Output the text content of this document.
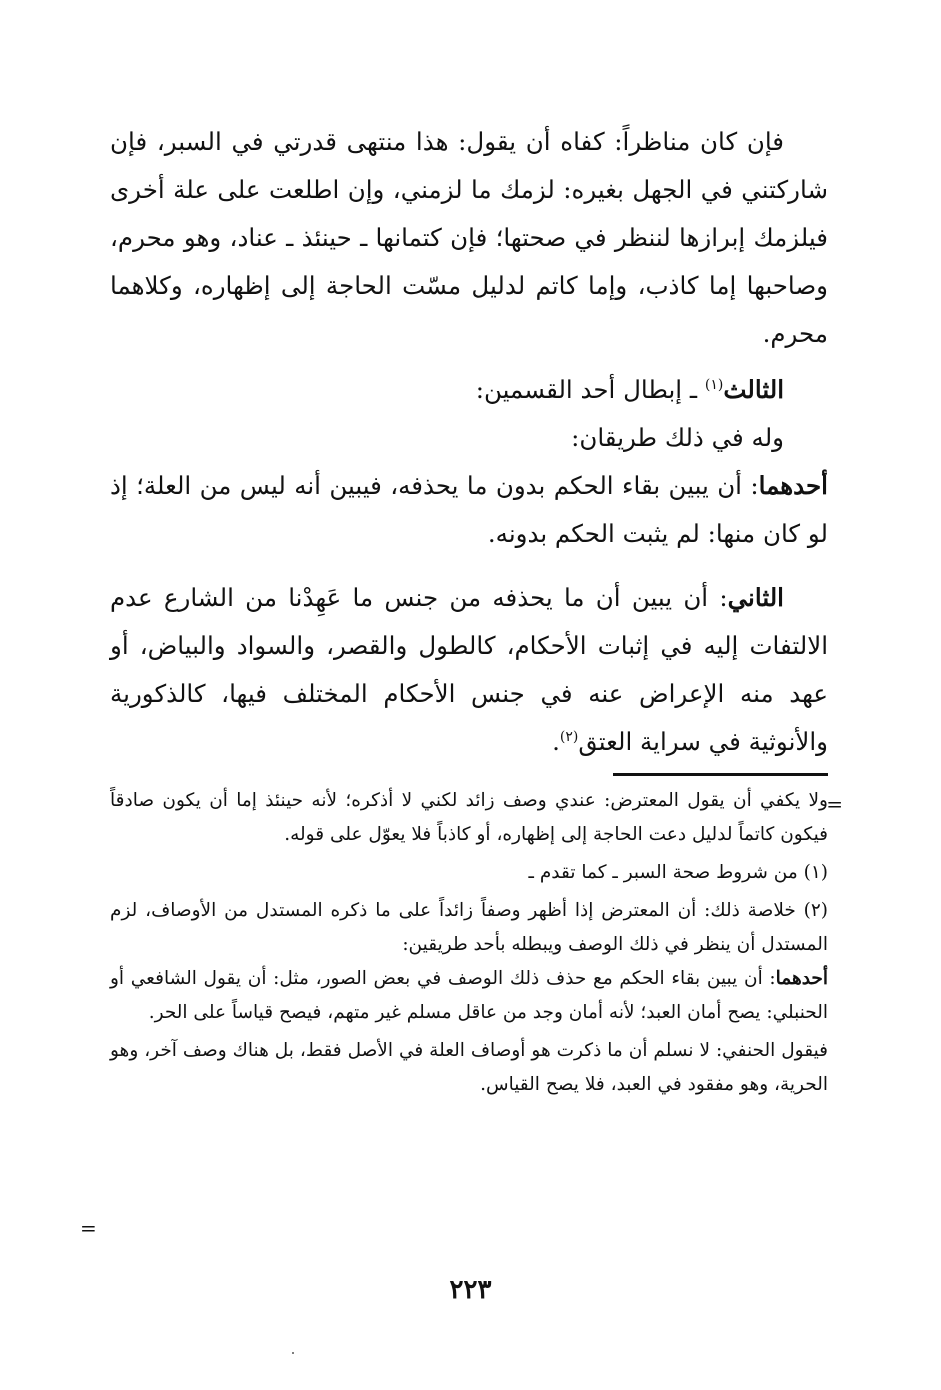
فإن كان مناظراً: كفاه أن يقول: هذا منتهى قدرتي في السبر، فإن شاركتني في الجهل بغيره: لزمك ما لزمني، وإن اطلعت على علة أخرى فيلزمك إبرازها لننظر في صحتها؛ فإن كتمانها ـ حينئذ ـ عناد، وهو محرم، وصاحبها إما كاذب، وإما كاتم لدليل مسّت الحاجة إلى إظهاره، وكلاهما محرم.

الثالث$^{(١)}$ ـ إبطال أحد القسمين:

وله في ذلك طريقان:

أحدهما: أن يبين بقاء الحكم بدون ما يحذفه، فيبين أنه ليس من العلة؛ إذ لو كان منها: لم يثبت الحكم بدونه.

الثاني: أن يبين أن ما يحذفه من جنس ما عَهِدْنا من الشارع عدم الالتفات إليه في إثبات الأحكام، كالطول والقصر، والسواد والبياض، أو عهد منه الإعراض عنه في جنس الأحكام المختلف فيها، كالذكورية والأنوثية في سراية العتق$^{(٢)}$.

=

ولا يكفي أن يقول المعترض: عندي وصف زائد لكني لا أذكره؛ لأنه حينئذ إما أن يكون صادقاً فيكون كاتماً لدليل دعت الحاجة إلى إظهاره، أو كاذباً فلا يعوّل على قوله.

(١) من شروط صحة السبر ـ كما تقدم ـ

(٢) خلاصة ذلك: أن المعترض إذا أظهر وصفاً زائداً على ما ذكره المستدل من الأوصاف، لزم المستدل أن ينظر في ذلك الوصف ويبطله بأحد طريقين:

أحدهما: أن يبين بقاء الحكم مع حذف ذلك الوصف في بعض الصور، مثل: أن يقول الشافعي أو الحنبلي: يصح أمان العبد؛ لأنه أمان وجد من عاقل مسلم غير متهم، فيصح قياساً على الحر.

فيقول الحنفي: لا نسلم أن ما ذكرت هو أوصاف العلة في الأصل فقط، بل هناك وصف آخر، وهو الحرية، وهو مفقود في العبد، فلا يصح القياس.

=
٢٢٣
